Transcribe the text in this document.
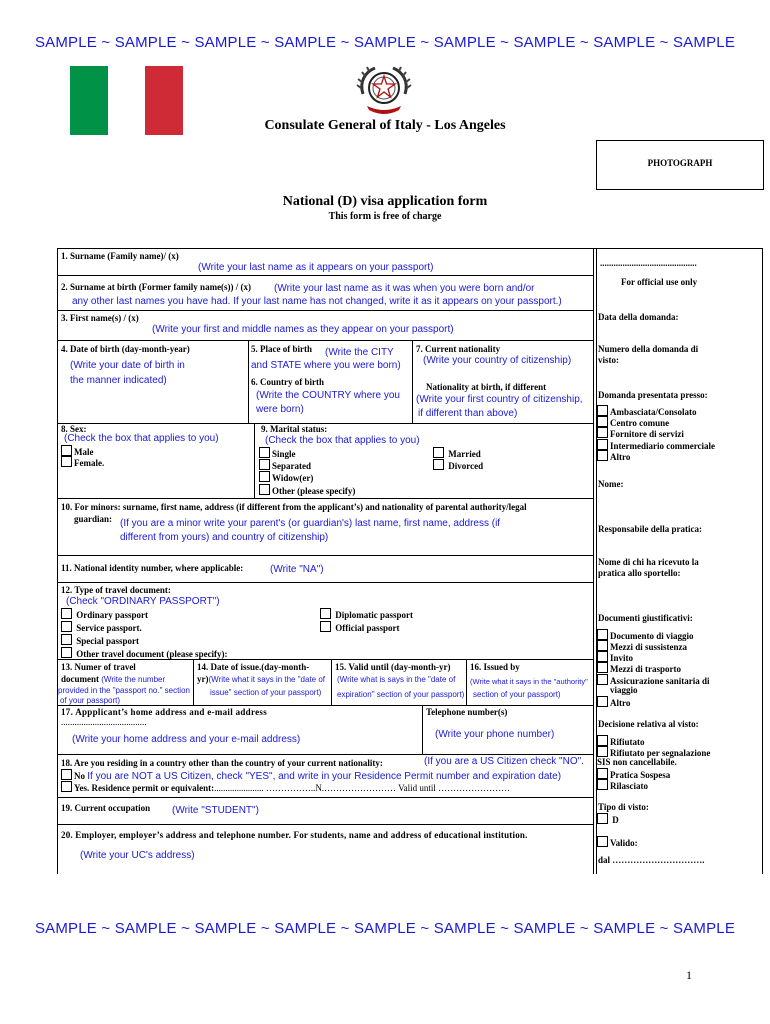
SAMPLE ~ SAMPLE ~ SAMPLE ~ SAMPLE ~ SAMPLE ~ SAMPLE ~ SAMPLE ~ SAMPLE ~ SAMPLE
SAMPLE ~ SAMPLE ~ SAMPLE ~ SAMPLE ~ SAMPLE ~ SAMPLE ~ SAMPLE ~ SAMPLE ~ SAMPLE
Consulate General of Italy - Los Angeles
PHOTOGRAPH
National (D) visa application form
This form is free of charge
1. Surname (Family name)/ (x)
(Write your last name as it appears on your passport)
2. Surname at birth (Former family name(s)) / (x) (Write your last name as it was when you were born and/or
any other last names you have had. If your last name has not changed, write it as it appears on your passport.)
3. First name(s) / (x)
(Write your first and middle names as they appear on your passport)
4. Date of birth (day-month-year)
(Write your date of birth in
the manner indicated)
5. Place of birth (Write the CITY
and STATE where you were born)
6. Country of birth
(Write the COUNTRY where you
were born)
7. Current nationality
(Write your country of citizenship)
Nationality at birth, if different
(Write your first country of citizenship,
if different than above)
8. Sex:
(Check the box that applies to you)
Male
Female.
9. Marital status:
(Check the box that applies to you)
Single
Separated
Widow(er)
Other (please specify)
Married
Divorced
10. For minors: surname, first name, address (if different from the applicant’s) and nationality of parental authority/legal
guardian: (If you are a minor write your parent's (or guardian's) last name, first name, address (if
different from yours) and country of citizenship)
11. National identity number, where applicable:	(Write "NA")
12. Type of travel document:
(Check "ORDINARY PASSPORT")
Ordinary passport
Service passport.
Special passport
Other travel document (please specify):
Diplomatic passport
Official passport
13. Numer of travel
document (Write the number
provided in the "passport no." section
of your passport)
14. Date of issue.(day-month-
yr)(Write what it says in the "date of
issue" section of your passport)
15. Valid until (day-month-yr)
(Write what is says in the "date of
expiration" section of your passport)
16. Issued by
(Write what it says in the "authority"
section of your passport)
17. Appplicant’s home address and e-mail address
......................................
(Write your home address and your e-mail address)
Telephone number(s)
(Write your phone number)
18. Are you residing in a country other than the country of your current nationality:	(If you are a US Citizen check "NO".
No If you are NOT a US Citizen, check "YES", and write in your Residence Permit number and expiration date)
Yes. Residence permit or equivalent:...................... ……………..N.…………………… Valid until ……………………
19. Current occupation (Write "STUDENT")
20. Employer, employer’s address and telephone number. For students, name and address of educational institution.
(Write your UC's address)
...........................................
For official use only
Data della domanda:
Numero della domanda di
visto:
Domanda presentata presso:
Ambasciata/Consolato
Centro comune
Fornitore di servizi
Intermediario commerciale
Altro
Nome:
Responsabile della pratica:
Nome di chi ha ricevuto la
pratica allo sportello:
Documenti giustificativi:
Documento di viaggio
Mezzi di sussistenza
Invito
Mezzi di trasporto
Assicurazione sanitaria di
viaggio
Altro
Decisione relativa al visto:
Rifiutato
Rifiutato per segnalazione
SIS non cancellabile.
Pratica Sospesa
Rilasciato
Tipo di visto:
D
Valido:
dal ………………………….
1
